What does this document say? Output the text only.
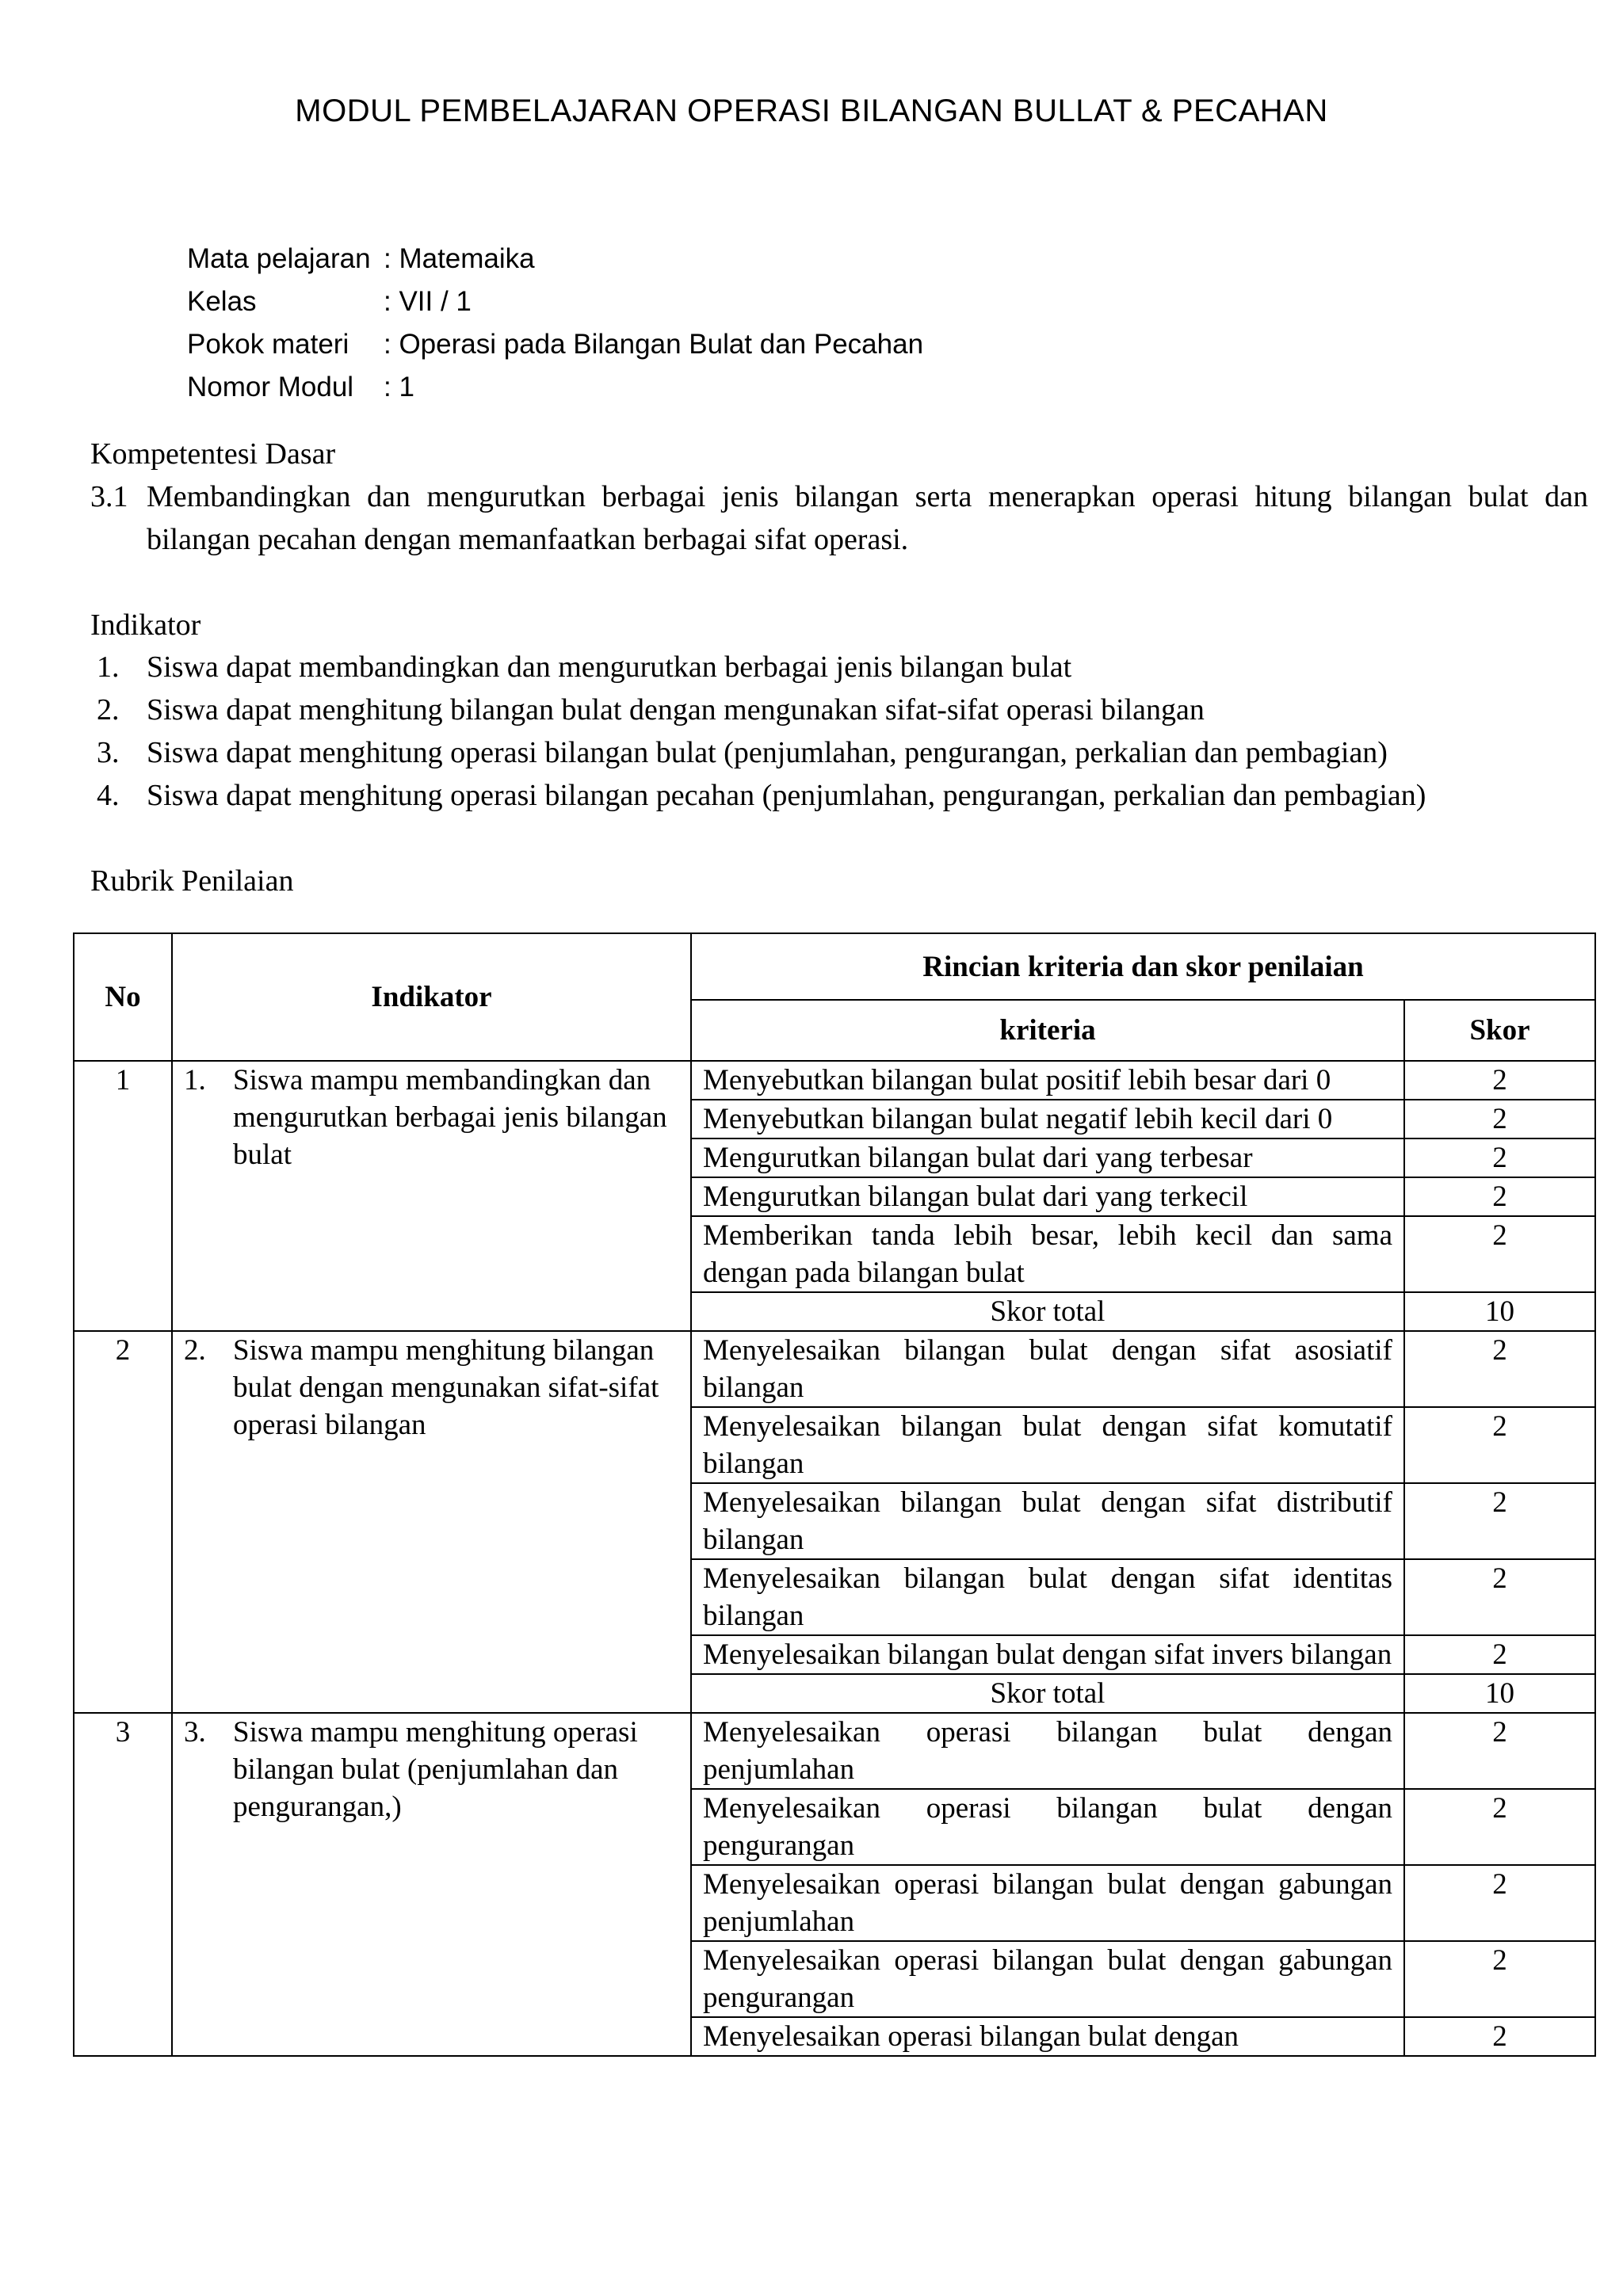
MODUL PEMBELAJARAN OPERASI BILANGAN BULLAT & PECAHAN
Mata pelajaran : Matemaika
Kelas	: VII / 1
Pokok materi : Operasi pada Bilangan Bulat dan Pecahan
Nomor Modul : 1
Kompetentesi Dasar
3.1 Membandingkan dan mengurutkan berbagai jenis bilangan serta menerapkan operasi hitung bilangan bulat dan
bilangan pecahan dengan memanfaatkan berbagai sifat operasi.
Indikator
1. Siswa dapat membandingkan dan mengurutkan berbagai jenis bilangan bulat
2. Siswa dapat menghitung bilangan bulat dengan mengunakan sifat-sifat operasi bilangan
3. Siswa dapat menghitung operasi bilangan bulat (penjumlahan, pengurangan, perkalian dan pembagian)
4. Siswa dapat menghitung operasi bilangan pecahan (penjumlahan, pengurangan, perkalian dan pembagian)
Rubrik Penilaian
No	Indikator	Rincian kriteria dan skor penilaian	
		kriteria	Skor
1	1. Siswa mampu membandingkan dan mengurutkan berbagai jenis bilangan bulat	Menyebutkan bilangan bulat positif lebih besar dari 0	2
		Menyebutkan bilangan bulat negatif lebih kecil dari 0	2
		Mengurutkan bilangan bulat dari yang terbesar	2
		Mengurutkan bilangan bulat dari yang terkecil	2
		Memberikan tanda lebih besar, lebih kecil dan sama dengan pada bilangan bulat	2
		Skor total	10
2	2. Siswa mampu menghitung bilangan bulat dengan mengunakan sifat-sifat operasi bilangan	Menyelesaikan bilangan bulat dengan sifat asosiatif bilangan	2
		Menyelesaikan bilangan bulat dengan sifat komutatif bilangan	2
		Menyelesaikan bilangan bulat dengan sifat distributif bilangan	2
		Menyelesaikan bilangan bulat dengan sifat identitas bilangan	2
		Menyelesaikan bilangan bulat dengan sifat invers bilangan	2
		Skor total	10
3	3. Siswa mampu menghitung operasi bilangan bulat (penjumlahan dan pengurangan,)	Menyelesaikan operasi bilangan bulat dengan penjumlahan	2
		Menyelesaikan operasi bilangan bulat dengan pengurangan	2
		Menyelesaikan operasi bilangan bulat dengan gabungan penjumlahan	2
		Menyelesaikan operasi bilangan bulat dengan gabungan pengurangan	2
		Menyelesaikan operasi bilangan bulat dengan	2
